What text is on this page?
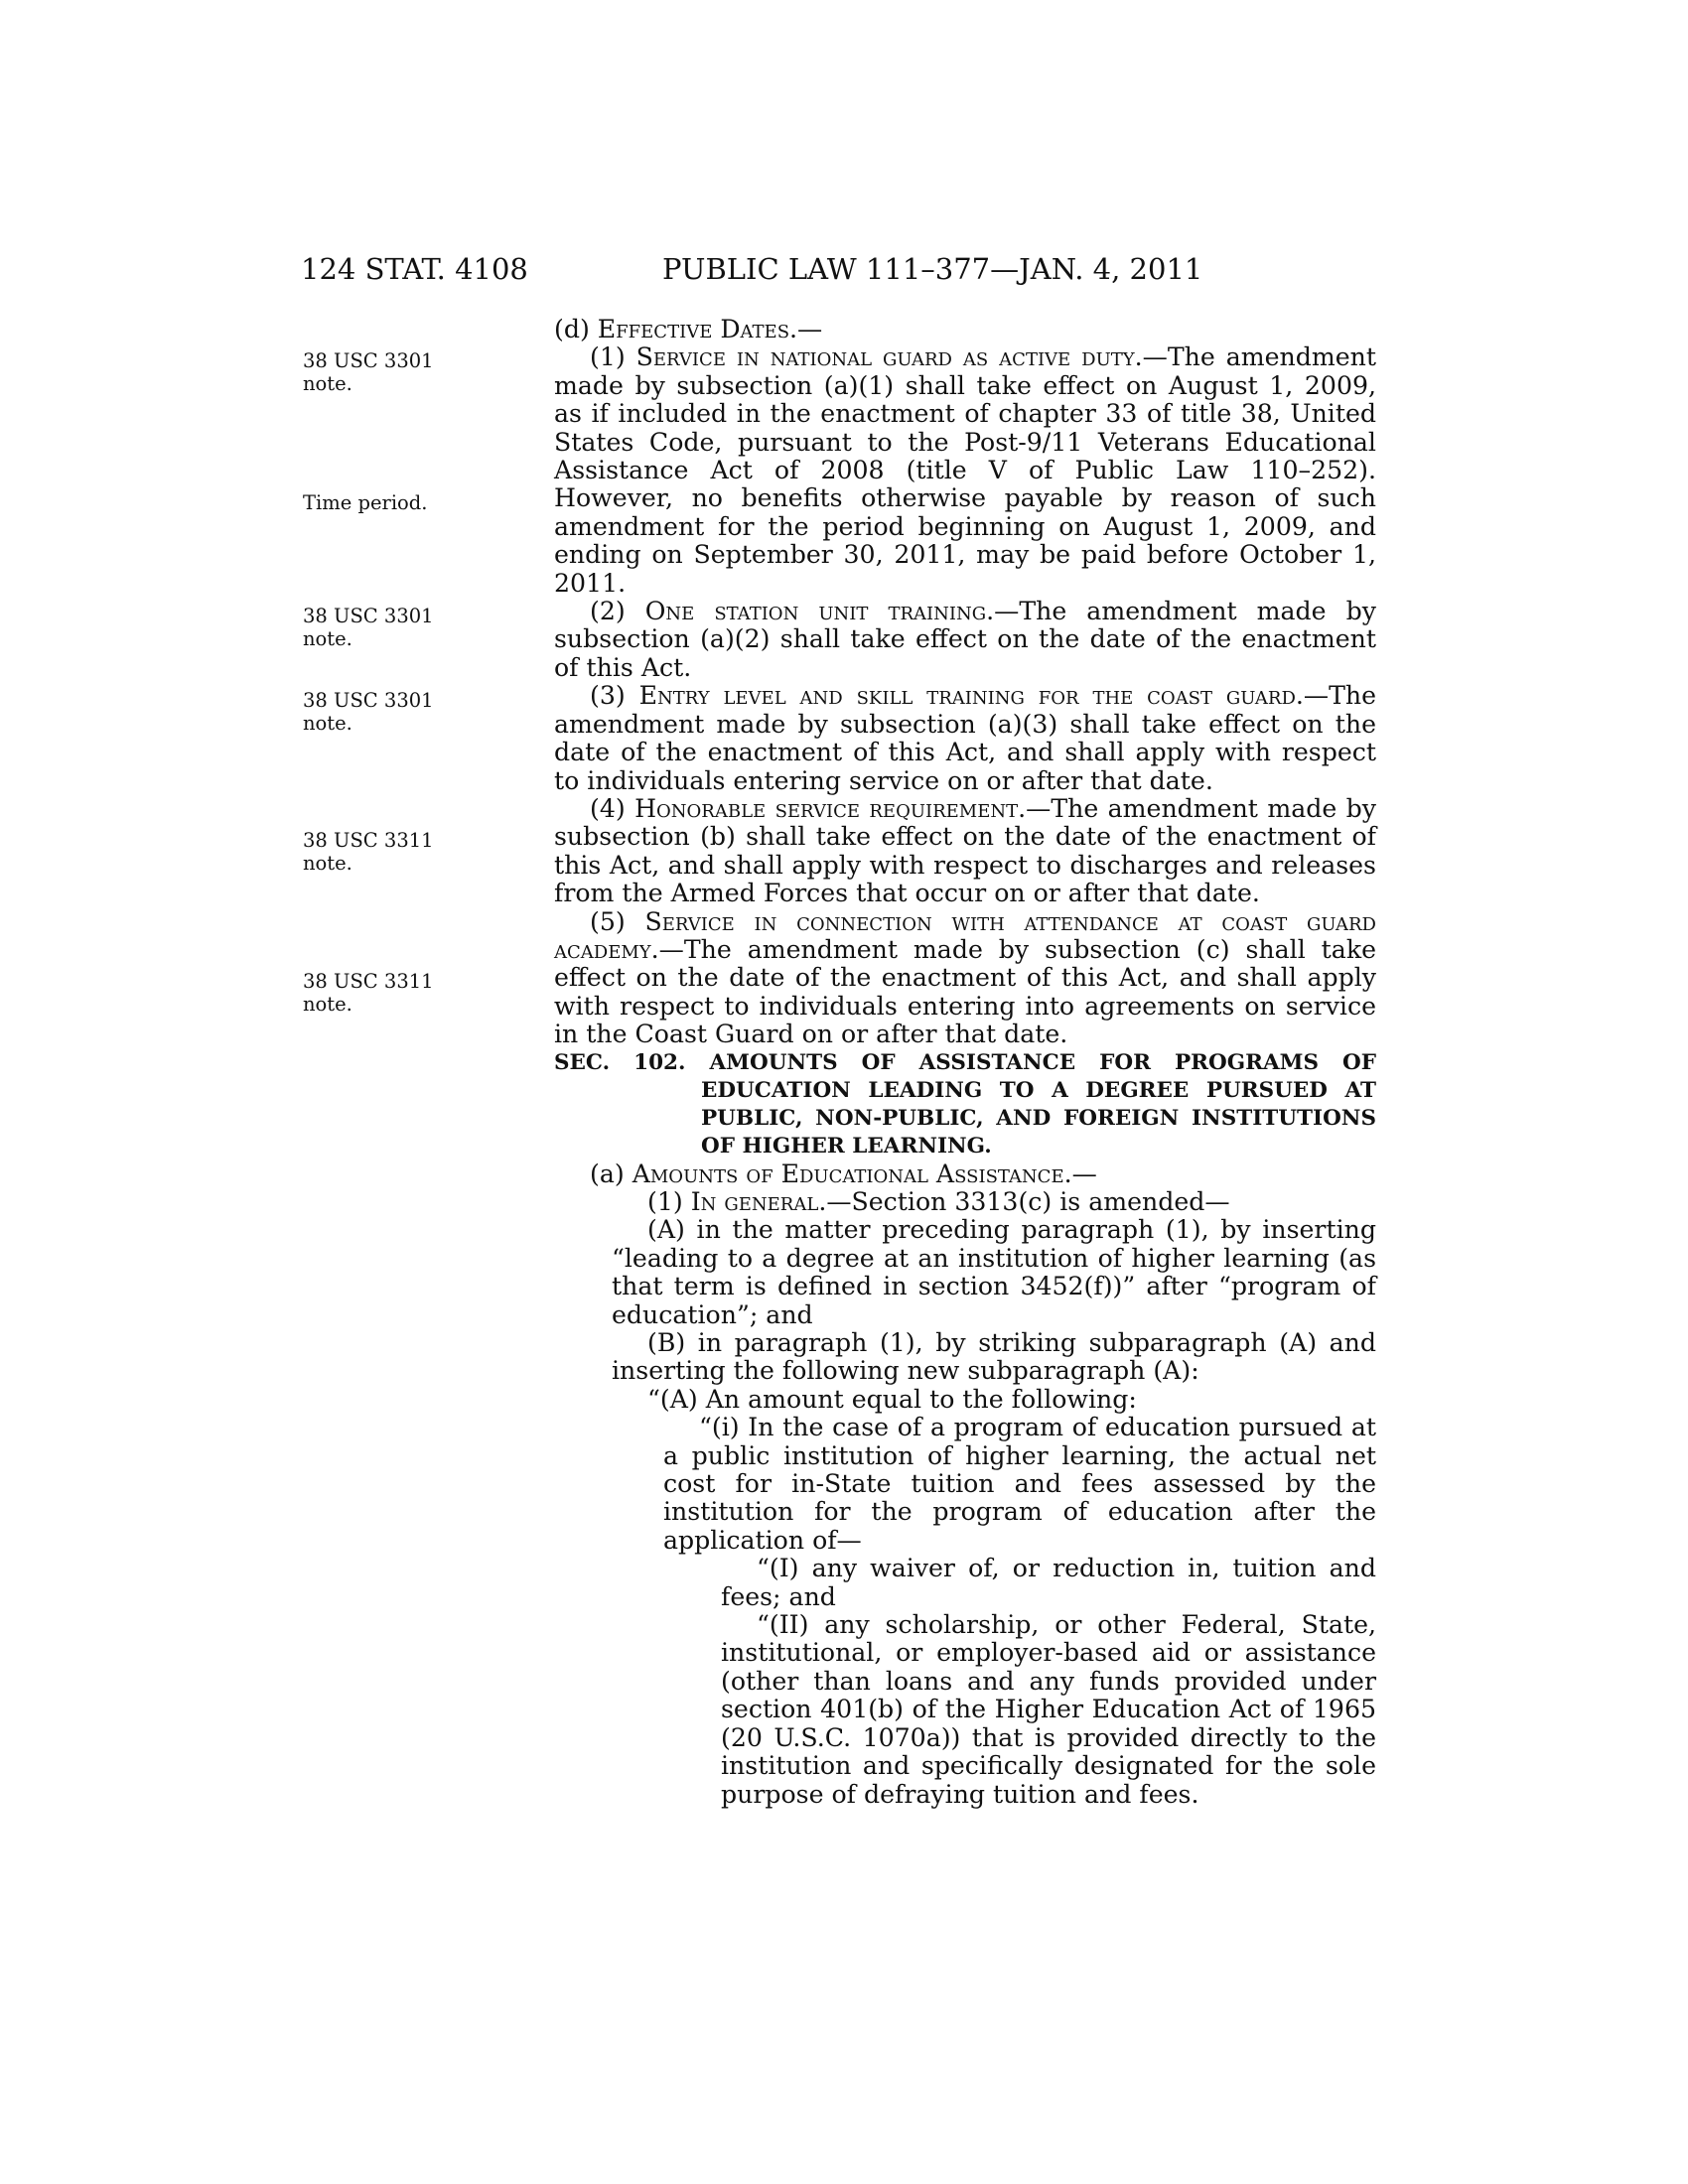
124 STAT. 4108	PUBLIC LAW 111–377—JAN. 4, 2011
38 USC 3301
note.
Time period.
38 USC 3301
note.
38 USC 3301
note.
38 USC 3311
note.
38 USC 3311
note.

(d) Effective Dates.—

(1) Service in national guard as active duty.—The amendment made by subsection (a)(1) shall take effect on August 1, 2009, as if included in the enactment of chapter 33 of title 38, United States Code, pursuant to the Post-9/11 Veterans Educational Assistance Act of 2008 (title V of Public Law 110–252). However, no benefits otherwise payable by reason of such amendment for the period beginning on August 1, 2009, and ending on September 30, 2011, may be paid before October 1, 2011.

(2) One station unit training.—The amendment made by subsection (a)(2) shall take effect on the date of the enactment of this Act.

(3) Entry level and skill training for the coast guard.—The amendment made by subsection (a)(3) shall take effect on the date of the enactment of this Act, and shall apply with respect to individuals entering service on or after that date.

(4) Honorable service requirement.—The amendment made by subsection (b) shall take effect on the date of the enactment of this Act, and shall apply with respect to discharges and releases from the Armed Forces that occur on or after that date.

(5) Service in connection with attendance at coast guard academy.—The amendment made by subsection (c) shall take effect on the date of the enactment of this Act, and shall apply with respect to individuals entering into agreements on service in the Coast Guard on or after that date.

SEC. 102. AMOUNTS OF ASSISTANCE FOR PROGRAMS OF EDUCATION LEADING TO A DEGREE PURSUED AT PUBLIC, NON-PUBLIC, AND FOREIGN INSTITUTIONS OF HIGHER LEARNING.

(a) Amounts of Educational Assistance.—

(1) In general.—Section 3313(c) is amended—

(A) in the matter preceding paragraph (1), by inserting “leading to a degree at an institution of higher learning (as that term is defined in section 3452(f))” after “program of education”; and

(B) in paragraph (1), by striking subparagraph (A) and inserting the following new subparagraph (A):

“(A) An amount equal to the following:

“(i) In the case of a program of education pursued at a public institution of higher learning, the actual net cost for in-State tuition and fees assessed by the institution for the program of education after the application of—

“(I) any waiver of, or reduction in, tuition and fees; and

“(II) any scholarship, or other Federal, State, institutional, or employer-based aid or assistance (other than loans and any funds provided under section 401(b) of the Higher Education Act of 1965 (20 U.S.C. 1070a)) that is provided directly to the institution and specifically designated for the sole purpose of defraying tuition and fees.
